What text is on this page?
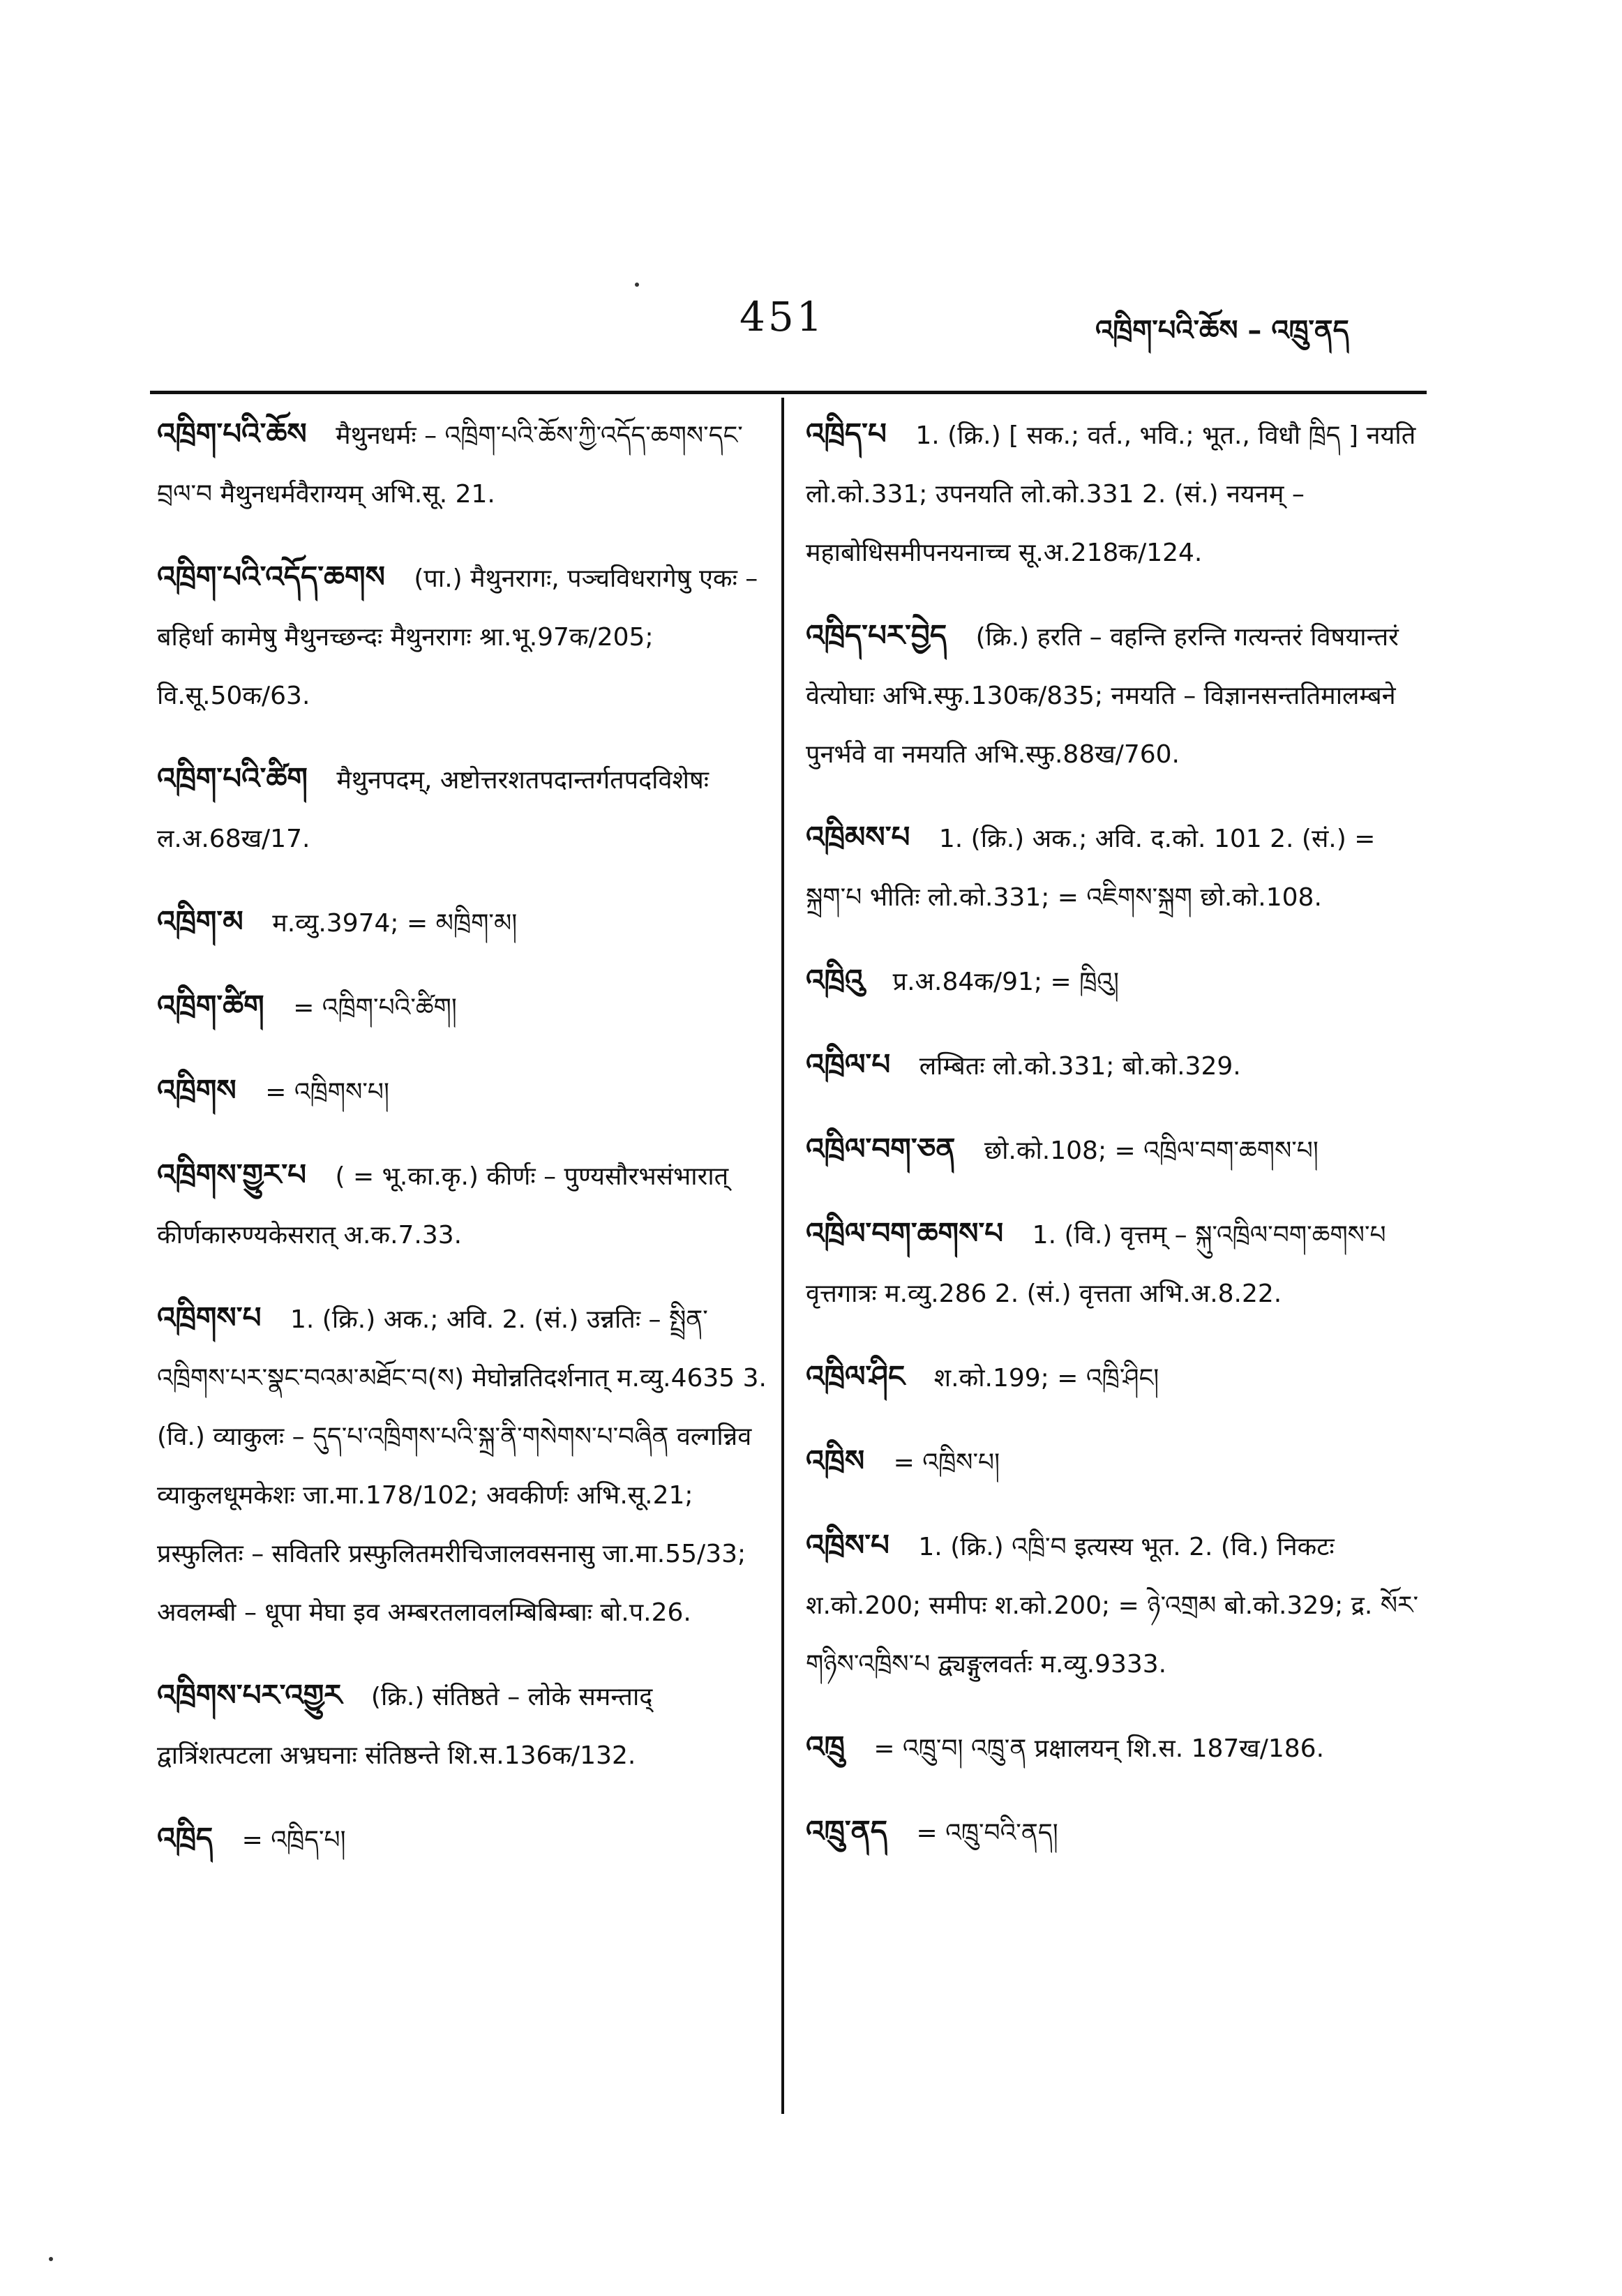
451	འཁྲིག་པའི་ཆོས – འཁྲུ་ནད
འཁྲིག་པའི་ཆོས मैथुनधर्मः – འཁྲིག་པའི་ཆོས་ཀྱི་འདོད་ཆགས་དང་བྲལ་བ मैथुनधर्मवैराग्यम् अभि.सू. 21.
འཁྲིག་པའི་འདོད་ཆགས (पा.) मैथुनरागः, पञ्चविधरागेषु एकः – बहिर्धा कामेषु मैथुनच्छन्दः मैथुनरागः श्रा.भू.97क/205; वि.सू.50क/63.
འཁྲིག་པའི་ཚིག मैथुनपदम्, अष्टोत्तरशतपदान्तर्गतपदविशेषः ल.अ.68ख/17.
འཁྲིག་མ म.व्यु.3974; = མཁྲིག་མ།
འཁྲིག་ཚིག = འཁྲིག་པའི་ཚིག།
འཁྲིགས = འཁྲིགས་པ།
འཁྲིགས་གྱུར་པ ( = भू.का.कृ.) कीर्णः – पुण्यसौरभसंभारात् कीर्णकारुण्यकेसरात् अ.क.7.33.
འཁྲིགས་པ 1. (क्रि.) अक.; अवि. 2. (सं.) उन्नतिः – སྤྲིན་འཁྲིགས་པར་སྣང་བའམ་མཐོང་བ(ས) मेघोन्नतिदर्शनात् म.व्यु.4635 3. (वि.) व्याकुलः – དུད་པ་འཁྲིགས་པའི་སྐྲ་ནི་གསེགས་པ་བཞིན वल्गन्निव व्याकुलधूमकेशः जा.मा.178/102; अवकीर्णः अभि.सू.21; प्रस्फुलितः – सवितरि प्रस्फुलितमरीचिजालवसनासु जा.मा.55/33; अवलम्बी – धूपा मेघा इव अम्बरतलावलम्बिबिम्बाः बो.प.26.
འཁྲིགས་པར་འགྱུར (क्रि.) संतिष्ठते – लोके समन्ताद् द्वात्रिंशत्पटला अभ्रघनाः संतिष्ठन्ते शि.स.136क/132.
འཁྲིད = འཁྲིད་པ།
འཁྲིད་པ 1. (क्रि.) [ सक.; वर्त., भवि.; भूत., विधौ ཁྲིད ] नयति लो.को.331; उपनयति लो.को.331 2. (सं.) नयनम् – महाबोधिसमीपनयनाच्च सू.अ.218क/124.
འཁྲིད་པར་བྱེད (क्रि.) हरति – वहन्ति हरन्ति गत्यन्तरं विषयान्तरं वेत्योघाः अभि.स्फु.130क/835; नमयति – विज्ञानसन्ततिमालम्बने पुनर्भवे वा नमयति अभि.स्फु.88ख/760.
འཁྲིམས་པ 1. (क्रि.) अक.; अवि. द.को. 101 2. (सं.) = སྐྲག་པ भीतिः लो.को.331; = འཇིགས་སྐྲག छो.को.108.
འཁྲིའུ प्र.अ.84क/91; = ཁྲིའུ།
འཁྲིལ་པ लम्बितः लो.को.331; बो.को.329.
འཁྲིལ་བག་ཅན छो.को.108; = འཁྲིལ་བག་ཆགས་པ།
འཁྲིལ་བག་ཆགས་པ 1. (वि.) वृत्तम् – སྐུ་འཁྲིལ་བག་ཆགས་པ वृत्तगात्रः म.व्यु.286 2. (सं.) वृत्तता अभि.अ.8.22.
འཁྲིལ་ཤིང श.को.199; = འཁྲི་ཤིང།
འཁྲིས = འཁྲིས་པ།
འཁྲིས་པ 1. (क्रि.) འཁྲི་བ इत्यस्य भूत. 2. (वि.) निकटः श.को.200; समीपः श.को.200; = ཉེ་འགྲམ बो.को.329; द्र. སོར་གཉིས་འཁྲིས་པ द्व्यङ्गुलवर्तः म.व्यु.9333.
འཁྲུ = འཁྲུ་བ། འཁྲུ་ན प्रक्षालयन् शि.स. 187ख/186.
འཁྲུ་ནད = འཁྲུ་བའི་ནད།
